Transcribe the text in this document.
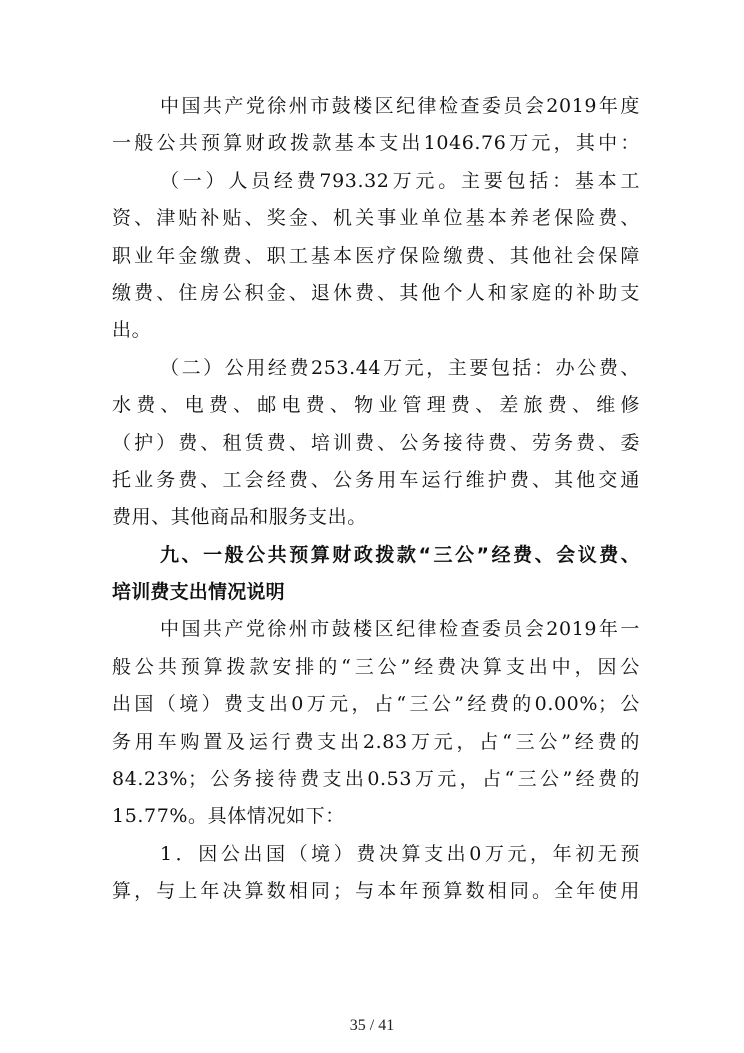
中国共产党徐州市鼓楼区纪律检查委员会2019年度
一般公共预算财政拨款基本支出1046.76万元，其中：
（一）人员经费793.32万元。主要包括：基本工
资、津贴补贴、奖金、机关事业单位基本养老保险费、
职业年金缴费、职工基本医疗保险缴费、其他社会保障
缴费、住房公积金、退休费、其他个人和家庭的补助支
出。
（二）公用经费253.44万元，主要包括：办公费、
水费、电费、邮电费、物业管理费、差旅费、维修
（护）费、租赁费、培训费、公务接待费、劳务费、委
托业务费、工会经费、公务用车运行维护费、其他交通
费用、其他商品和服务支出。
九、一般公共预算财政拨款“三公”经费、会议费、
培训费支出情况说明
中国共产党徐州市鼓楼区纪律检查委员会2019年一
般公共预算拨款安排的“三公”经费决算支出中，因公
出国（境）费支出0万元，占“三公”经费的0.00%；公
务用车购置及运行费支出2.83万元，占“三公”经费的
84.23%；公务接待费支出0.53万元，占“三公”经费的
15.77%。具体情况如下：
1．因公出国（境）费决算支出0万元，年初无预
算，与上年决算数相同；与本年预算数相同。全年使用
35 / 41
